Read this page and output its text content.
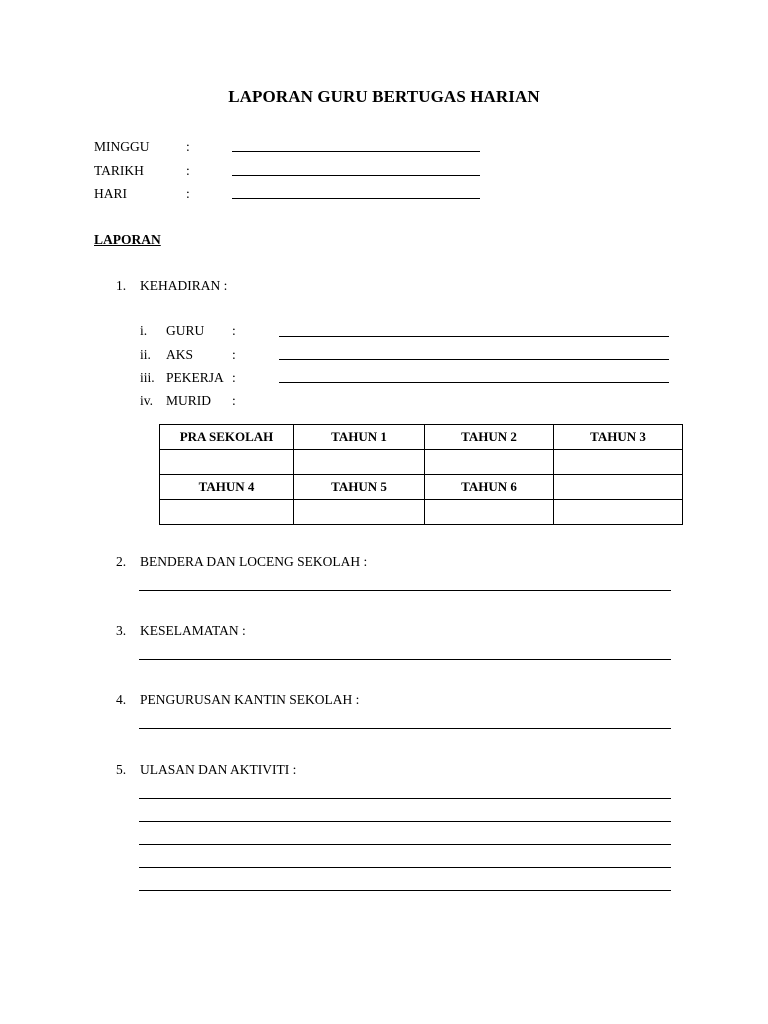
LAPORAN GURU BERTUGAS HARIAN
MINGGU	:
TARIKH	:
HARI	:
LAPORAN
1. KEHADIRAN :
i. GURU :
ii. AKS	:
iii. PEKERJA :
iv. MURID :
PRA SEKOLAH	TAHUN 1	TAHUN 2	TAHUN 3

TAHUN 4	TAHUN 5	TAHUN 6	

2. BENDERA DAN LOCENG SEKOLAH :
3. KESELAMATAN :
4. PENGURUSAN KANTIN SEKOLAH :
5. ULASAN DAN AKTIVITI :
